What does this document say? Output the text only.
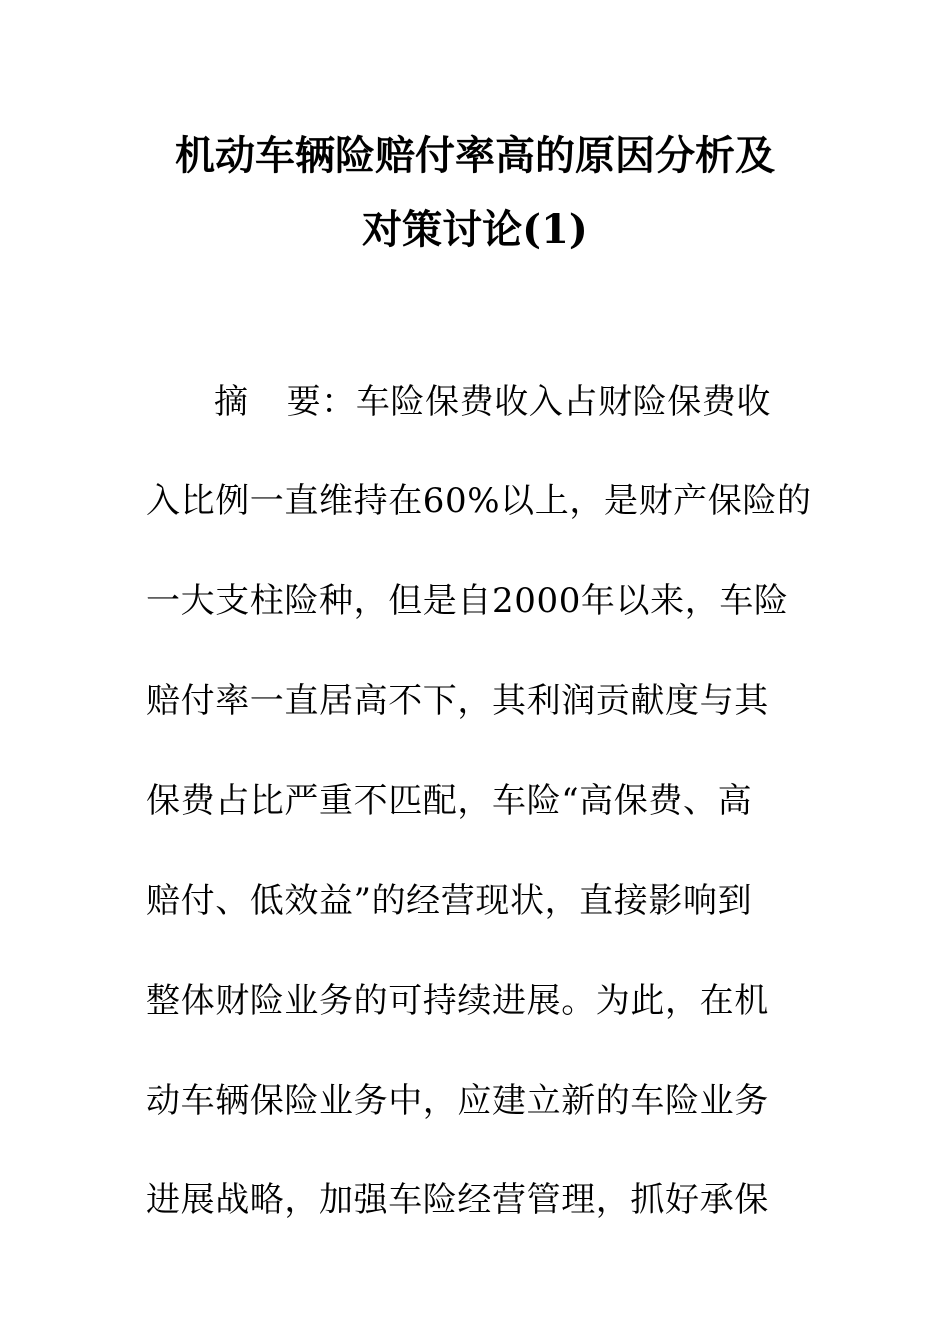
机动车辆险赔付率高的原因分析及
对策讨论(1)
摘 要：车险保费收入占财险保费收
入比例一直维持在60%以上，是财产保险的
一大支柱险种，但是自2000年以来，车险
赔付率一直居高不下，其利润贡献度与其
保费占比严重不匹配，车险“高保费、高
赔付、低效益”的经营现状，直接影响到
整体财险业务的可持续进展。为此，在机
动车辆保险业务中，应建立新的车险业务
进展战略，加强车险经营管理，抓好承保
